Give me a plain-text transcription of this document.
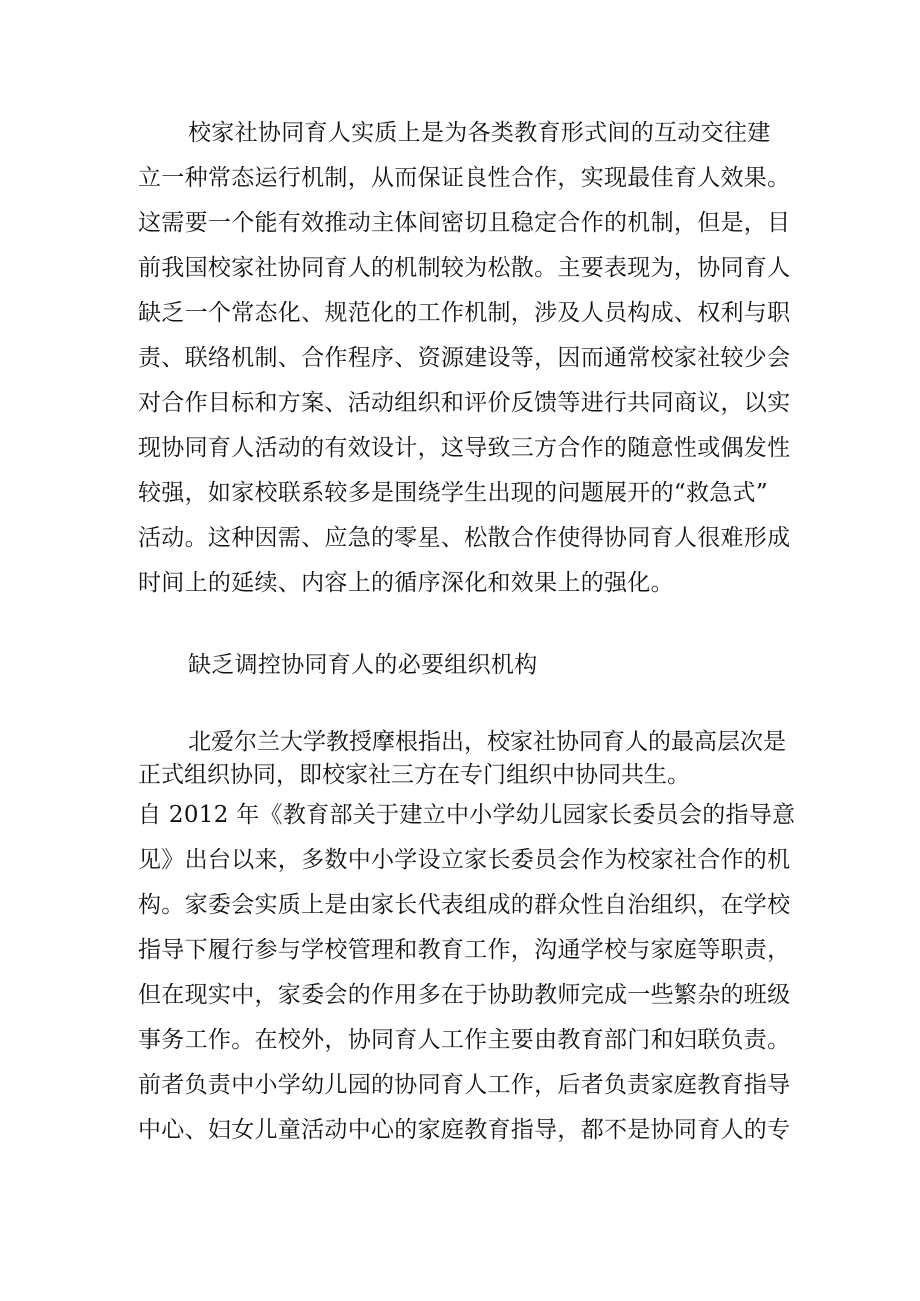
校家社协同育人实质上是为各类教育形式间的互动交往建
立一种常态运行机制，从而保证良性合作，实现最佳育人效果。
这需要一个能有效推动主体间密切且稳定合作的机制，但是，目
前我国校家社协同育人的机制较为松散。主要表现为，协同育人
缺乏一个常态化、规范化的工作机制，涉及人员构成、权利与职
责、联络机制、合作程序、资源建设等，因而通常校家社较少会
对合作目标和方案、活动组织和评价反馈等进行共同商议，以实
现协同育人活动的有效设计，这导致三方合作的随意性或偶发性
较强，如家校联系较多是围绕学生出现的问题展开的“救急式”
活动。这种因需、应急的零星、松散合作使得协同育人很难形成
时间上的延续、内容上的循序深化和效果上的强化。
缺乏调控协同育人的必要组织机构
北爱尔兰大学教授摩根指出，校家社协同育人的最高层次是
正式组织协同，即校家社三方在专门组织中协同共生。
自 2012 年《教育部关于建立中小学幼儿园家长委员会的指导意
见》出台以来，多数中小学设立家长委员会作为校家社合作的机
构。家委会实质上是由家长代表组成的群众性自治组织，在学校
指导下履行参与学校管理和教育工作，沟通学校与家庭等职责，
但在现实中，家委会的作用多在于协助教师完成一些繁杂的班级
事务工作。在校外，协同育人工作主要由教育部门和妇联负责。
前者负责中小学幼儿园的协同育人工作，后者负责家庭教育指导
中心、妇女儿童活动中心的家庭教育指导，都不是协同育人的专
